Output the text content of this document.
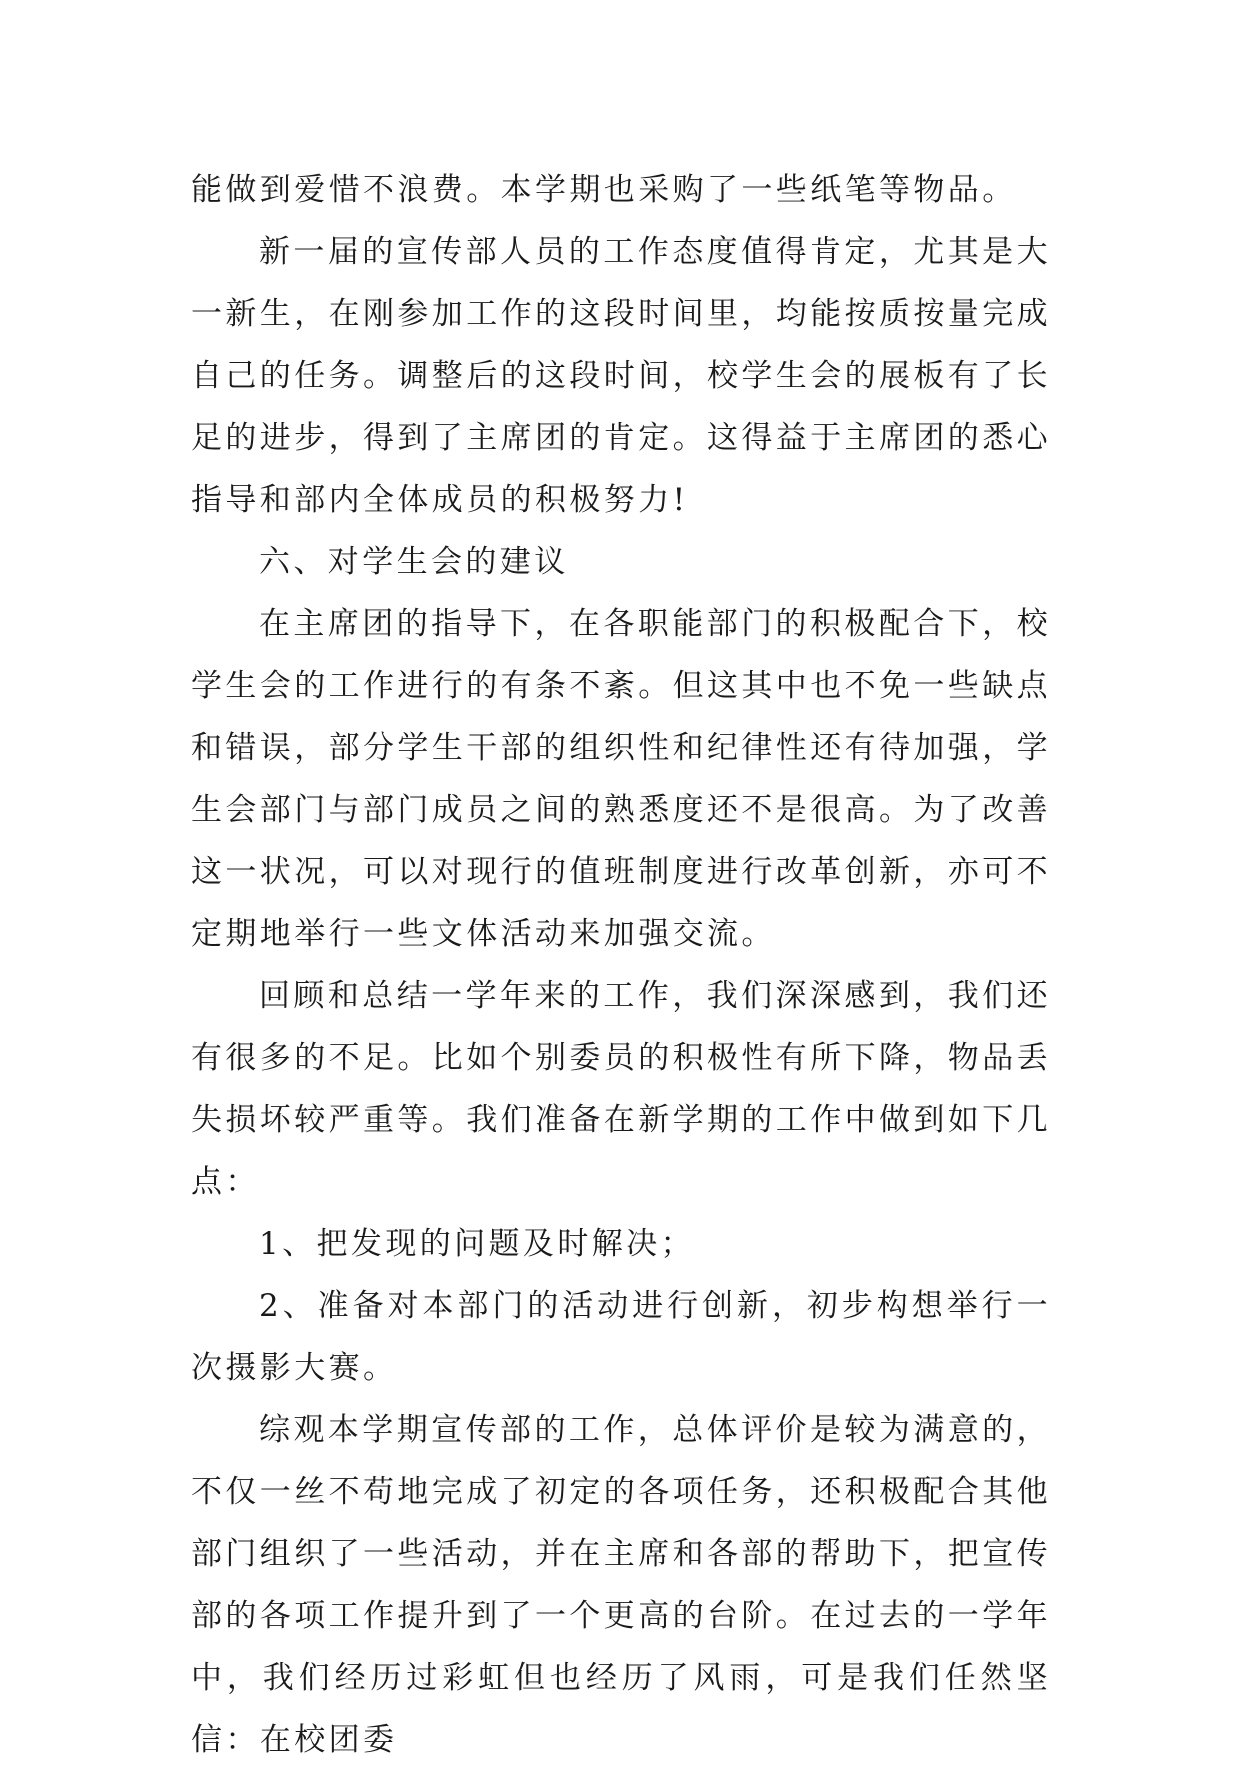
能做到爱惜不浪费。本学期也采购了一些纸笔等物品。

新一届的宣传部人员的工作态度值得肯定，尤其是大一新生，在刚参加工作的这段时间里，均能按质按量完成自己的任务。调整后的这段时间，校学生会的展板有了长足的进步，得到了主席团的肯定。这得益于主席团的悉心指导和部内全体成员的积极努力!

六、对学生会的建议

在主席团的指导下，在各职能部门的积极配合下，校学生会的工作进行的有条不紊。但这其中也不免一些缺点和错误，部分学生干部的组织性和纪律性还有待加强，学生会部门与部门成员之间的熟悉度还不是很高。为了改善这一状况，可以对现行的值班制度进行改革创新，亦可不定期地举行一些文体活动来加强交流。

回顾和总结一学年来的工作，我们深深感到，我们还有很多的不足。比如个别委员的积极性有所下降，物品丢失损坏较严重等。我们准备在新学期的工作中做到如下几点：

1、把发现的问题及时解决；

2、准备对本部门的活动进行创新，初步构想举行一次摄影大赛。

综观本学期宣传部的工作，总体评价是较为满意的，不仅一丝不苟地完成了初定的各项任务，还积极配合其他部门组织了一些活动，并在主席和各部的帮助下，把宣传部的各项工作提升到了一个更高的台阶。在过去的一学年中，我们经历过彩虹但也经历了风雨，可是我们任然坚信：在校团委
